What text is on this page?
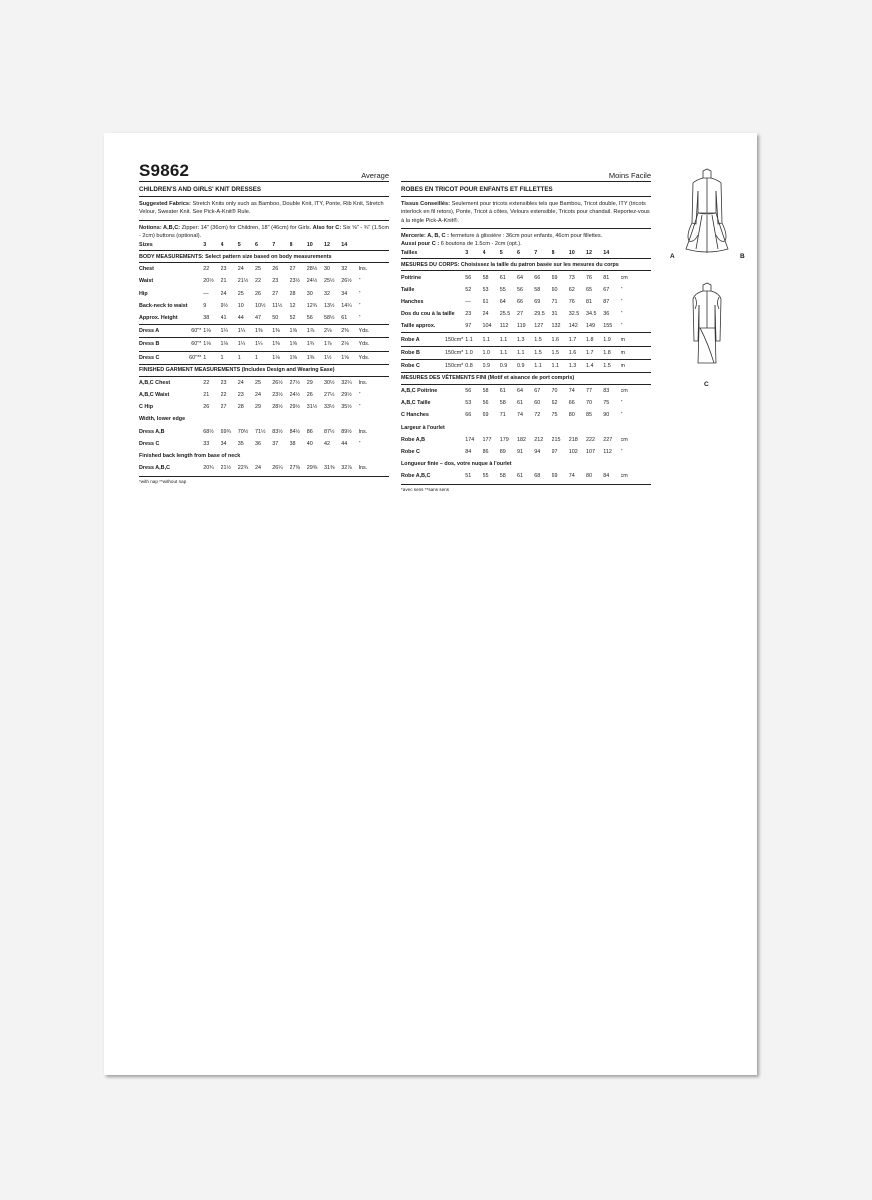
S9862	Average
CHILDREN'S AND GIRLS' KNIT DRESSES
Suggested Fabrics: Stretch Knits only such as Bamboo, Double Knit, ITY, Ponte, Rib Knit, Stretch Velour, Sweater Knit. See Pick-A-Knit® Rule.
Notions: A,B,C: Zipper: 14" (36cm) for Children, 18" (46cm) for Girls. Also for C: Six ⅝" - ¾" (1.5cm - 2cm) buttons (optional).
Sizes	3	4	5	6	7	8	10	12	14	
BODY MEASUREMENTS: Select pattern size based on body measurements										
Chest	22	23	24	25	26	27	28½	30	32	Ins.
Waist	20½	21	21½	22	23	23½	24½	25½	26½	"
Hip	—	24	25	26	27	28	30	32	34	"
Back-neck to waist	9	9½	10	10½	11½	12	12¾	13½	14¼	"
Approx. Height	38	41	44	47	50	52	56	58½	61	"
Dress A 60"*	1⅛	1¼	1¼	1⅜	1⅜	1⅝	1⅞	2⅛	2⅜	Yds.
Dress B 60"*	1⅛	1⅛	1¼	1¼	1⅜	1⅝	1¾	1⅞	2⅛	Yds.
Dress C 60"**	1	1	1	1	1⅛	1⅜	1⅜	1½	1⅝	Yds.
FINISHED GARMENT MEASUREMENTS (Includes Design and Wearing Ease)										
A,B,C Chest	22	23	24	25	26½	27½	29	30½	32¼	Ins.
A,B,C Waist	21	22	23	24	23½	24½	26	27½	29½	"
C Hip	26	27	28	29	28½	29½	31½	33½	35½	"
Width, lower edge										
Dress A,B	68½	69¾	70½	71½	83½	84½	86	87½	89½	Ins.
Dress C	33	34	35	36	37	38	40	42	44	"
Finished back length from base of neck										
Dress A,B,C	20¾	21½	22¾	24	26¼	27⅜	29⅜	31⅜	32⅞	Ins.
*with nap **without nap
Moins Facile
ROBES EN TRICOT POUR ENFANTS ET FILLETTES
Tissus Conseillés: Seulement pour tricots extensibles tels que Bambou, Tricot double, ITY (tricots interlock en fil retors), Ponte, Tricot à côtes, Velours extensible, Tricots pour chandail. Reportez-vous à la règle Pick-A-Knit®.
Mercerie: A, B, C : fermeture à glissière : 36cm pour enfants, 46cm pour fillettes.
Aussi pour C : 6 boutons de 1.5cm - 2cm (opt.).
Tailles	3	4	5	6	7	8	10	12	14	
MESURES DU CORPS: Choisissez la taille du patron basée sur les mesures du corps										
Poitrine	56	58	61	64	66	69	73	76	81	cm
Taille	52	53	55	56	58	60	62	65	67	"
Hanches	—	61	64	66	69	71	76	81	87	"
Dos du cou à la taille	23	24	25.5	27	29.5	31	32.5	34.5	36	"
Taille approx.	97	104	112	119	127	132	142	149	155	"
Robe A 150cm*	1.1	1.1	1.1	1.3	1.5	1.6	1.7	1.8	1.9	m
Robe B 150cm*	1.0	1.0	1.1	1.1	1.5	1.5	1.6	1.7	1.8	m
Robe C 150cm*	0.8	0.9	0.9	0.9	1.1	1.1	1.3	1.4	1.5	m
MESURES DES VÊTEMENTS FINI (Motif et aisance de port compris)										
A,B,C Poitrine	56	58	61	64	67	70	74	77	83	cm
A,B,C Taille	53	56	58	61	60	62	66	70	75	"
C Hanches	66	69	71	74	72	75	80	85	90	"
Largeur à l'ourlet										
Robe A,B	174	177	179	182	212	215	218	222	227	cm
Robe C	84	86	89	91	94	97	102	107	112	"
Longueur finie – dos, votre nuque à l'ourlet										
Robe A,B,C	51	55	58	61	68	69	74	80	84	cm
*avec sens **sans sens
A	B
C
